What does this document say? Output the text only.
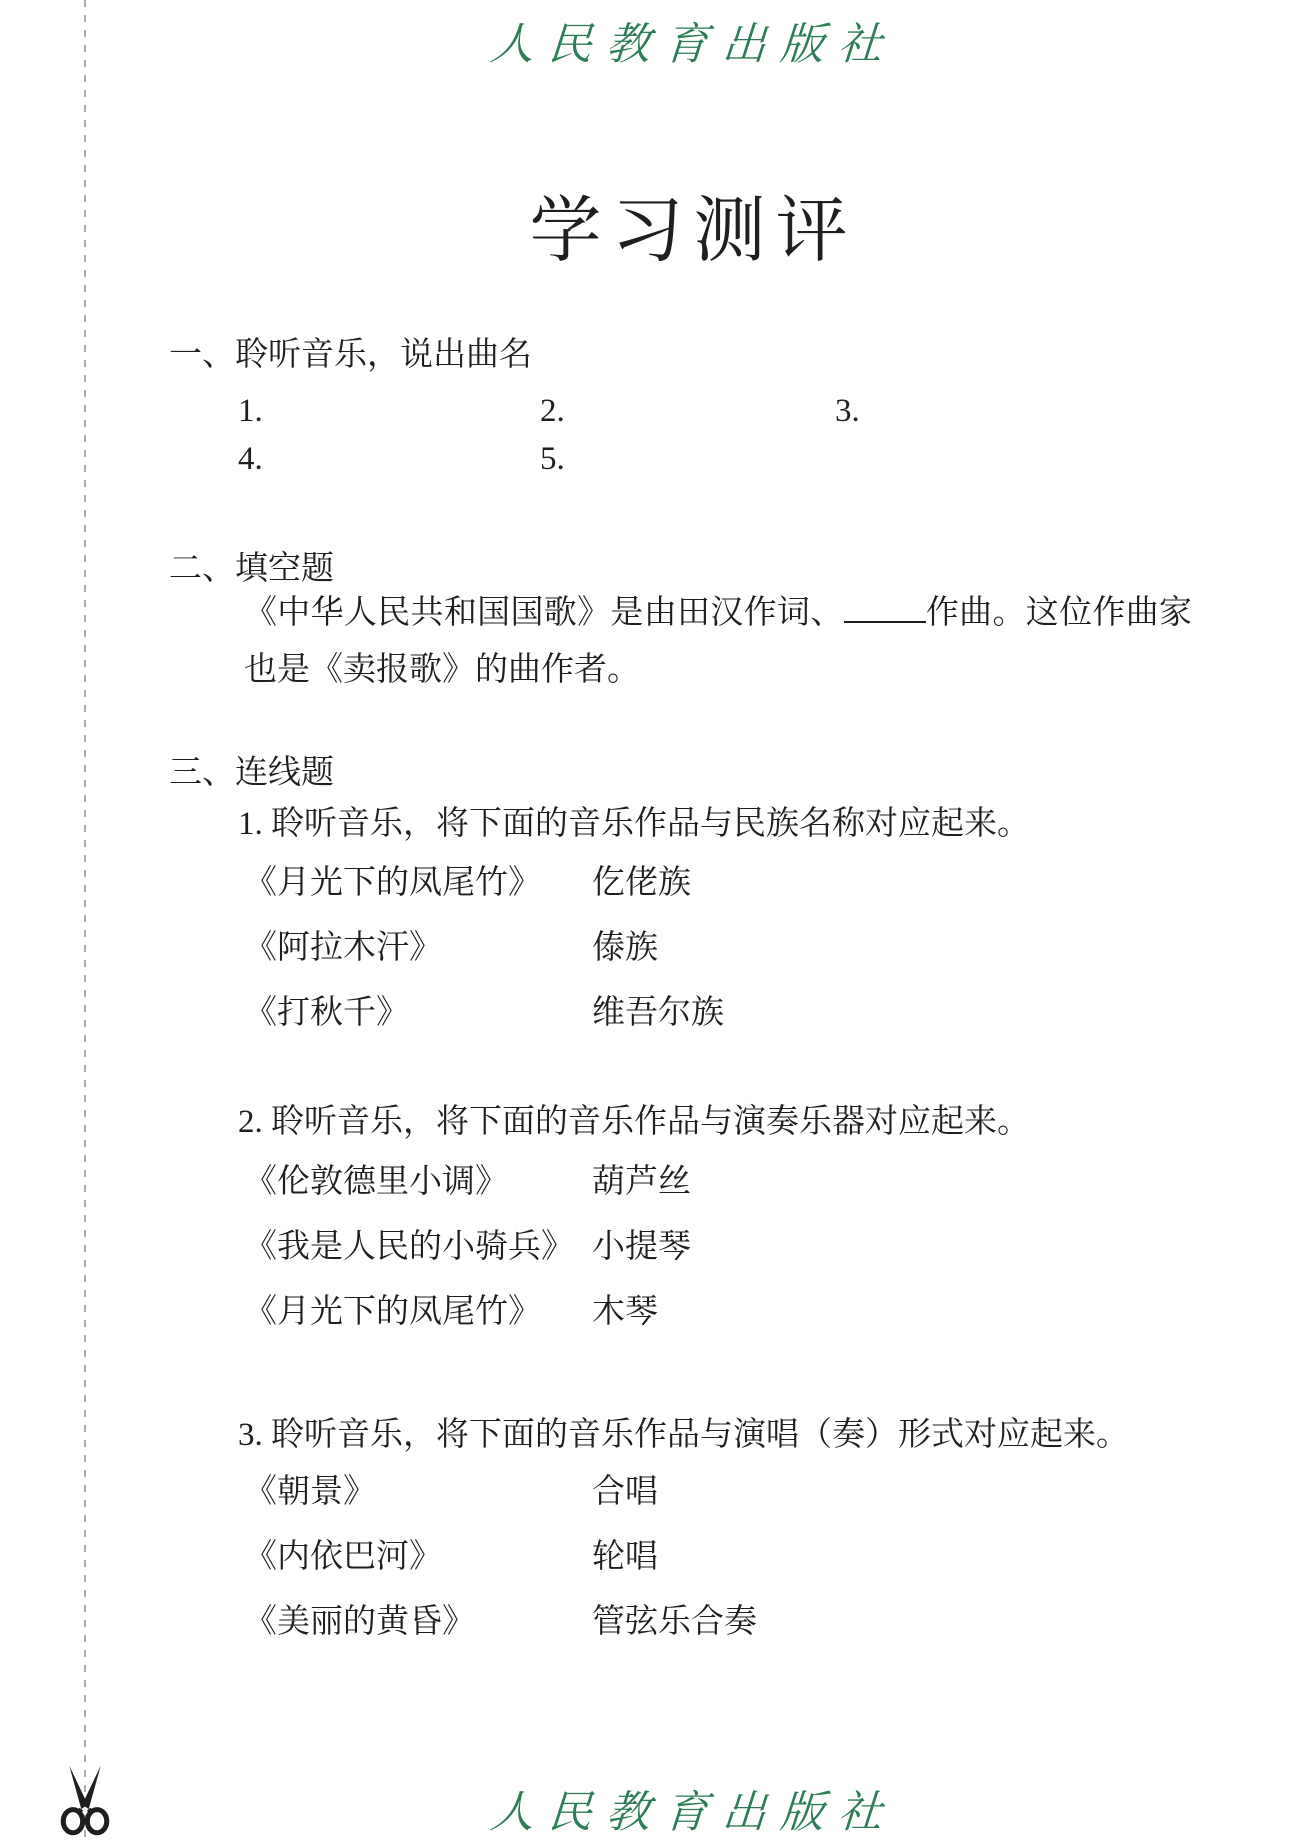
人民教育出版社
学习测评
一、聆听音乐，说出曲名
1.	2.	3.
4.	5.
二、填空题
《中华人民共和国国歌》是由田汉作词、 作曲。这位作曲家也是《卖报歌》的曲作者。
三、连线题
1. 聆听音乐，将下面的音乐作品与民族名称对应起来。
《月光下的凤尾竹》 仡佬族
《阿拉木汗》	傣族
《打秋千》	维吾尔族
2. 聆听音乐，将下面的音乐作品与演奏乐器对应起来。
《伦敦德里小调》	葫芦丝
《我是人民的小骑兵》 小提琴
《月光下的凤尾竹》 木琴
3. 聆听音乐，将下面的音乐作品与演唱（奏）形式对应起来。
《朝景》	合唱
《内依巴河》	轮唱
《美丽的黄昏》	管弦乐合奏
人民教育出版社
